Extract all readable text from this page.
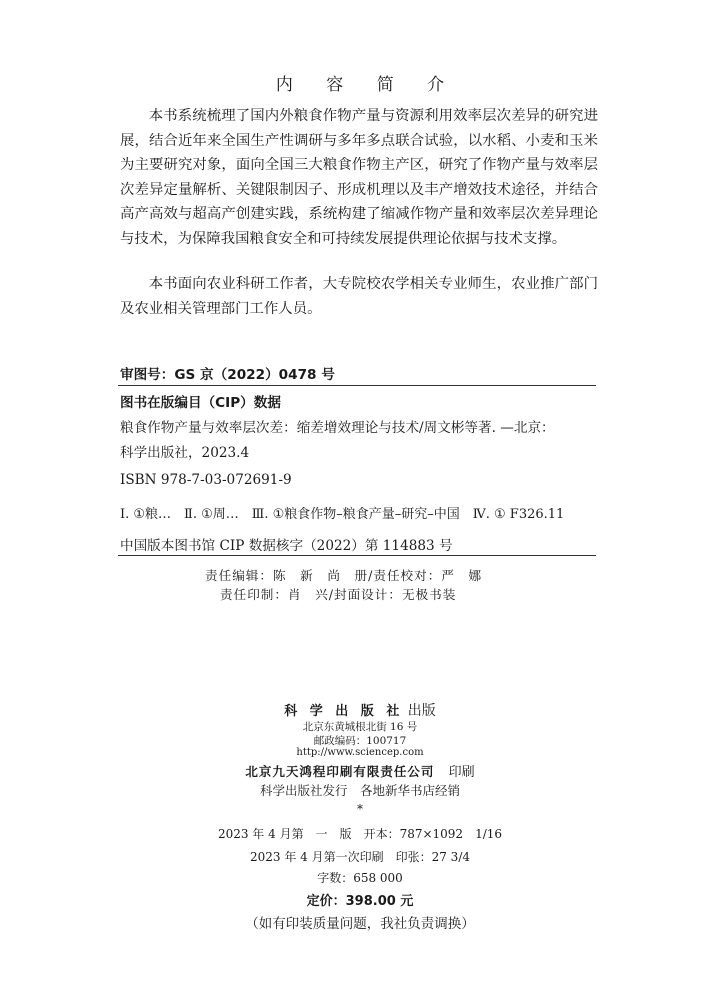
内 容 简 介
本书系统梳理了国内外粮食作物产量与资源利用效率层次差异的研究进展，结合近年来全国生产性调研与多年多点联合试验，以水稻、小麦和玉米为主要研究对象，面向全国三大粮食作物主产区，研究了作物产量与效率层次差异定量解析、关键限制因子、形成机理以及丰产增效技术途径，并结合高产高效与超高产创建实践，系统构建了缩减作物产量和效率层次差异理论与技术，为保障我国粮食安全和可持续发展提供理论依据与技术支撑。
本书面向农业科研工作者，大专院校农学相关专业师生，农业推广部门及农业相关管理部门工作人员。
审图号：GS 京（2022）0478 号
图书在版编目（CIP）数据
粮食作物产量与效率层次差：缩差增效理论与技术/周文彬等著. —北京：
科学出版社，2023.4
ISBN 978-7-03-072691-9
Ⅰ. ①粮…　Ⅱ. ①周…　Ⅲ. ①粮食作物–粮食产量–研究–中国　Ⅳ. ① F326.11
中国版本图书馆 CIP 数据核字（2022）第 114883 号
责任编辑：陈　新　尚　册/责任校对：严　娜
责任印制：肖　兴/封面设计：无极书装
科 学 出 版 社 出版
北京东黄城根北街 16 号
邮政编码：100717
http://www.sciencep.com
北京九天鸿程印刷有限责任公司 印刷
科学出版社发行　各地新华书店经销
*
2023 年 4 月第　一　版　开本：787×1092　1/16
2023 年 4 月第一次印刷　印张：27 3/4
字数：658 000
定价：398.00 元
（如有印装质量问题，我社负责调换）
